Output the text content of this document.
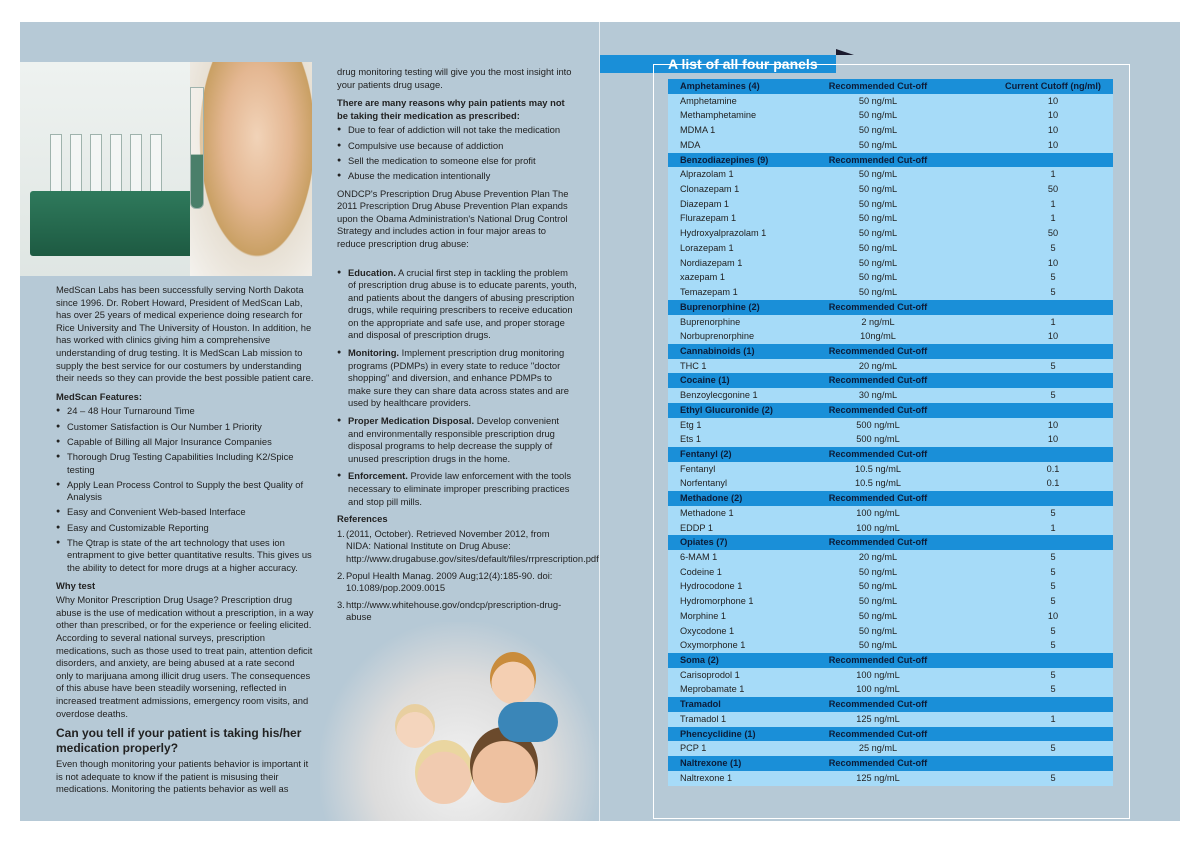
MedScan Labs has been successfully serving North Dakota since 1996. Dr. Robert Howard, President of MedScan Lab, has over 25 years of medical experience doing research for Rice University and The University of Houston. In addition, he has worked with clinics giving him a comprehensive understanding of drug testing. It is MedScan Lab mission to supply the best service for our costumers by understanding their needs so they can provide the best possible patient care.

MedScan Features:
● 24 – 48 Hour Turnaround Time
● Customer Satisfaction is Our Number 1 Priority
● Capable of Billing all Major Insurance Companies
● Thorough Drug Testing Capabilities Including K2/Spice testing
● Apply Lean Process Control to Supply the best Quality of Analysis
● Easy and Convenient Web-based Interface
● Easy and Customizable Reporting
● The Qtrap is state of the art technology that uses ion entrapment to give better quantitative results. This gives us the ability to detect for more drugs at a higher accuracy.
Why test

Why Monitor Prescription Drug Usage? Prescription drug abuse is the use of medication without a prescription, in a way other than prescribed, or for the experience or feeling elicited. According to several national surveys, prescription medications, such as those used to treat pain, attention deficit disorders, and anxiety, are being abused at a rate second only to marijuana among illicit drug users. The consequences of this abuse have been steadily worsening, reflected in increased treatment admissions, emergency room visits, and overdose deaths.

Can you tell if your patient is taking his/her medication properly?

Even though monitoring your patients behavior is important it is not adequate to know if the patient is misusing their medications. Monitoring the patients behavior as well as

drug monitoring testing will give you the most insight into your patients drug usage.

There are many reasons why pain patients may not be taking their medication as prescribed:
● Due to fear of addiction will not take the medication
● Compulsive use because of addiction
● Sell the medication to someone else for profit
● Abuse the medication intentionally

ONDCP's Prescription Drug Abuse Prevention Plan The 2011 Prescription Drug Abuse Prevention Plan expands upon the Obama Administration's National Drug Control Strategy and includes action in four major areas to reduce prescription drug abuse:

● Education. A crucial first step in tackling the problem of prescription drug abuse is to educate parents, youth, and patients about the dangers of abusing prescription drugs, while requiring prescribers to receive education on the appropriate and safe use, and proper storage and disposal of prescription drugs.
● Monitoring. Implement prescription drug monitoring programs (PDMPs) in every state to reduce "doctor shopping" and diversion, and enhance PDMPs to make sure they can share data across states and are used by healthcare providers.
● Proper Medication Disposal. Develop convenient and environmentally responsible prescription drug disposal programs to help decrease the supply of unused prescription drugs in the home.
● Enforcement. Provide law enforcement with the tools necessary to eliminate improper prescribing practices and stop pill mills.
References
1. (2011, October). Retrieved November 2012, from NIDA: National Institute on Drug Abuse: http://www.drugabuse.gov/sites/default/files/rrprescription.pdf
2. Popul Health Manag. 2009 Aug;12(4):185-90. doi: 10.1089/pop.2009.0015
3. http://www.whitehouse.gov/ondcp/prescription-drug-abuse
A list of all four panels
Amphetamines (4)	Recommended Cut-off	Current Cutoff (ng/ml)
Amphetamine	50 ng/mL	10
Methamphetamine	50 ng/mL	10
MDMA 1	50 ng/mL	10
MDA	50 ng/mL	10
Benzodiazepines (9)	Recommended Cut-off
Alprazolam 1	50 ng/mL	1
Clonazepam 1	50 ng/mL	50
Diazepam 1	50 ng/mL	1
Flurazepam 1	50 ng/mL	1
Hydroxyalprazolam 1	50 ng/mL	50
Lorazepam 1	50 ng/mL	5
Nordiazepam 1	50 ng/mL	10
xazepam 1	50 ng/mL	5
Temazepam 1	50 ng/mL	5
Buprenorphine (2)	Recommended Cut-off
Buprenorphine	2 ng/mL	1
Norbuprenorphine	10ng/mL	10
Cannabinoids (1)	Recommended Cut-off
THC 1	20 ng/mL	5
Cocaine (1)	Recommended Cut-off
Benzoylecgonine 1	30 ng/mL	5
Ethyl Glucuronide (2)	Recommended Cut-off
Etg 1	500 ng/mL	10
Ets 1	500 ng/mL	10
Fentanyl (2)	Recommended Cut-off
Fentanyl	10.5 ng/mL	0.1
Norfentanyl	10.5 ng/mL	0.1
Methadone (2)	Recommended Cut-off
Methadone 1	100 ng/mL	5
EDDP 1	100 ng/mL	1
Opiates (7)	Recommended Cut-off
6-MAM 1	20 ng/mL	5
Codeine 1	50 ng/mL	5
Hydrocodone 1	50 ng/mL	5
Hydromorphone 1	50 ng/mL	5
Morphine 1	50 ng/mL	10
Oxycodone 1	50 ng/mL	5
Oxymorphone 1	50 ng/mL	5
Soma (2)	Recommended Cut-off
Carisoprodol 1	100 ng/mL	5
Meprobamate 1	100 ng/mL	5
Tramadol	Recommended Cut-off
Tramadol 1	125 ng/mL	1
Phencyclidine (1)	Recommended Cut-off
PCP 1	25 ng/mL	5
Naltrexone (1)	Recommended Cut-off
Naltrexone 1	125 ng/mL	5
